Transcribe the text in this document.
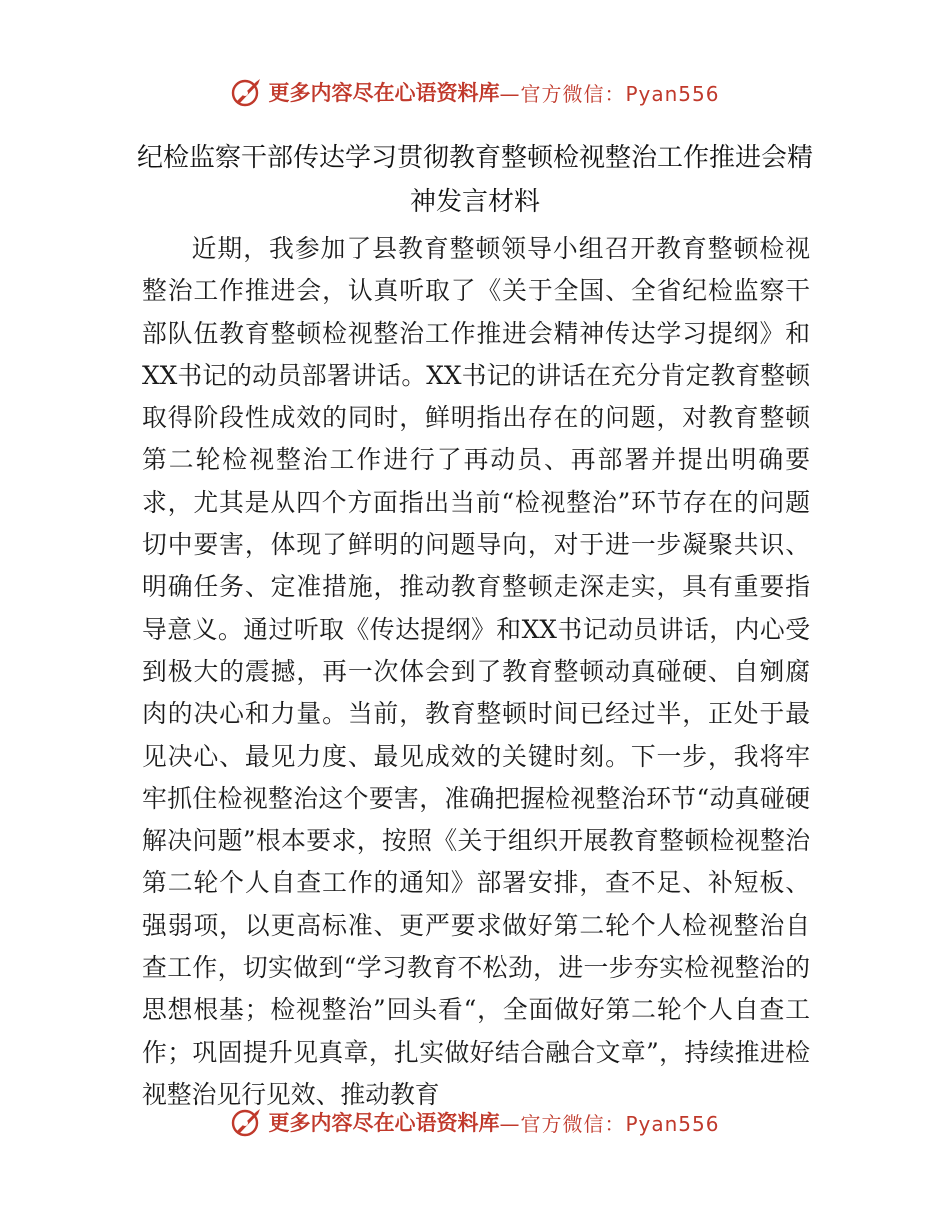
更多内容尽在心语资料库 —官方微信：Pyan556
纪检监察干部传达学习贯彻教育整顿检视整治工作推进会精神发言材料

近期，我参加了县教育整顿领导小组召开教育整顿检视整治工作推进会，认真听取了《关于全国、全省纪检监察干部队伍教育整顿检视整治工作推进会精神传达学习提纲》和XX书记的动员部署讲话。XX书记的讲话在充分肯定教育整顿取得阶段性成效的同时，鲜明指出存在的问题，对教育整顿第二轮检视整治工作进行了再动员、再部署并提出明确要求，尤其是从四个方面指出当前“检视整治”环节存在的问题切中要害，体现了鲜明的问题导向，对于进一步凝聚共识、明确任务、定准措施，推动教育整顿走深走实，具有重要指导意义。通过听取《传达提纲》和XX书记动员讲话，内心受到极大的震撼，再一次体会到了教育整顿动真碰硬、自剜腐肉的决心和力量。当前，教育整顿时间已经过半，正处于最见决心、最见力度、最见成效的关键时刻。下一步，我将牢牢抓住检视整治这个要害，准确把握检视整治环节“动真碰硬解决问题”根本要求，按照《关于组织开展教育整顿检视整治第二轮个人自查工作的通知》部署安排，查不足、补短板、强弱项，以更高标准、更严要求做好第二轮个人检视整治自查工作，切实做到“学习教育不松劲，进一步夯实检视整治的思想根基；检视整治”回头看“，全面做好第二轮个人自查工作；巩固提升见真章，扎实做好结合融合文章”，持续推进检视整治见行见效、推动教育

更多内容尽在心语资料库 —官方微信：Pyan556
